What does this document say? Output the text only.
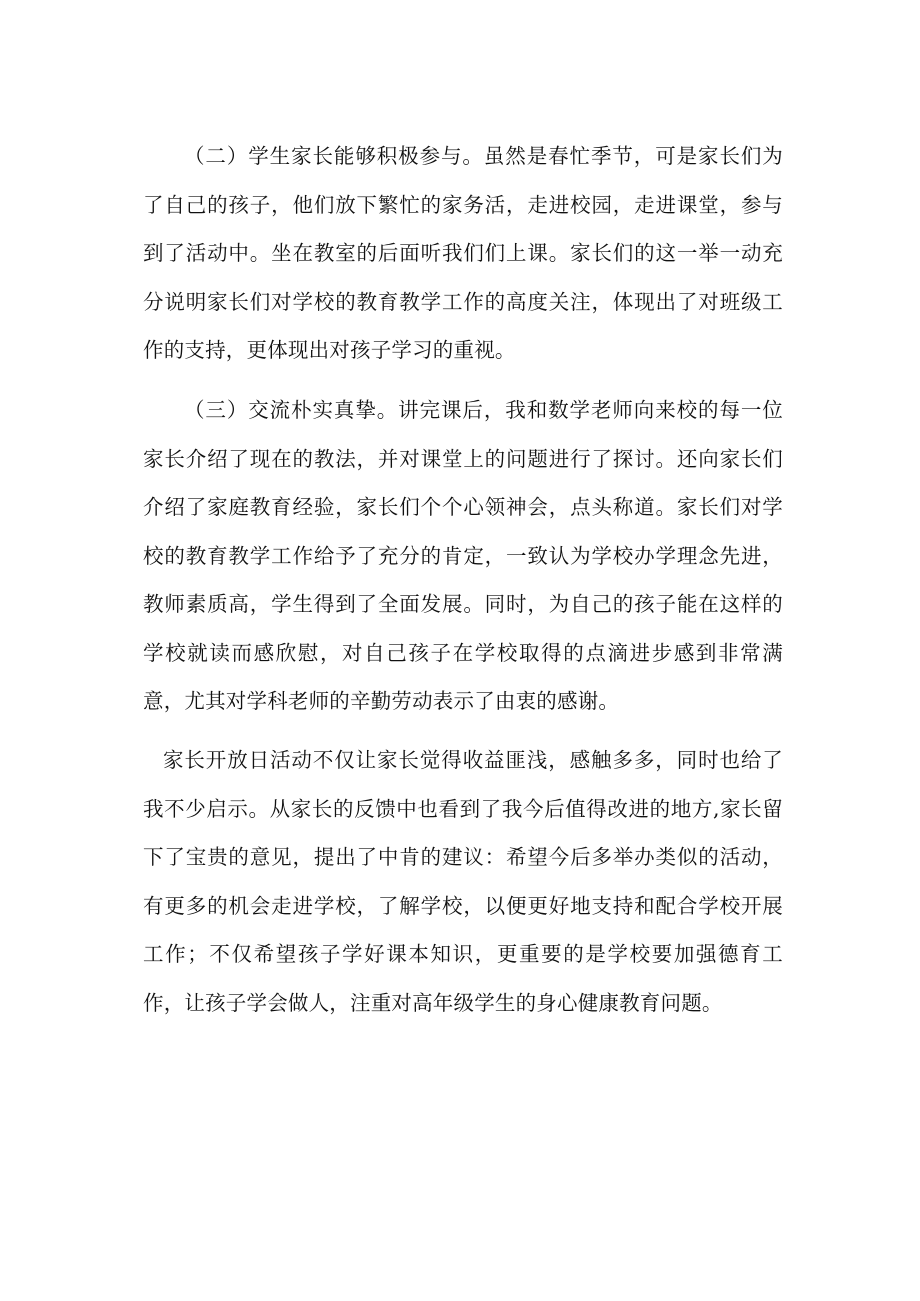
（二）学生家长能够积极参与。虽然是春忙季节，可是家长们为了自己的孩子，他们放下繁忙的家务活，走进校园，走进课堂，参与到了活动中。坐在教室的后面听我们们上课。家长们的这一举一动充分说明家长们对学校的教育教学工作的高度关注，体现出了对班级工作的支持，更体现出对孩子学习的重视。

（三）交流朴实真挚。讲完课后，我和数学老师向来校的每一位家长介绍了现在的教法，并对课堂上的问题进行了探讨。还向家长们介绍了家庭教育经验，家长们个个心领神会，点头称道。家长们对学校的教育教学工作给予了充分的肯定，一致认为学校办学理念先进，教师素质高，学生得到了全面发展。同时，为自己的孩子能在这样的学校就读而感欣慰，对自己孩子在学校取得的点滴进步感到非常满意，尤其对学科老师的辛勤劳动表示了由衷的感谢。

家长开放日活动不仅让家长觉得收益匪浅，感触多多，同时也给了我不少启示。从家长的反馈中也看到了我今后值得改进的地方,家长留下了宝贵的意见，提出了中肯的建议：希望今后多举办类似的活动，有更多的机会走进学校，了解学校，以便更好地支持和配合学校开展工作；不仅希望孩子学好课本知识，更重要的是学校要加强德育工作，让孩子学会做人，注重对高年级学生的身心健康教育问题。
